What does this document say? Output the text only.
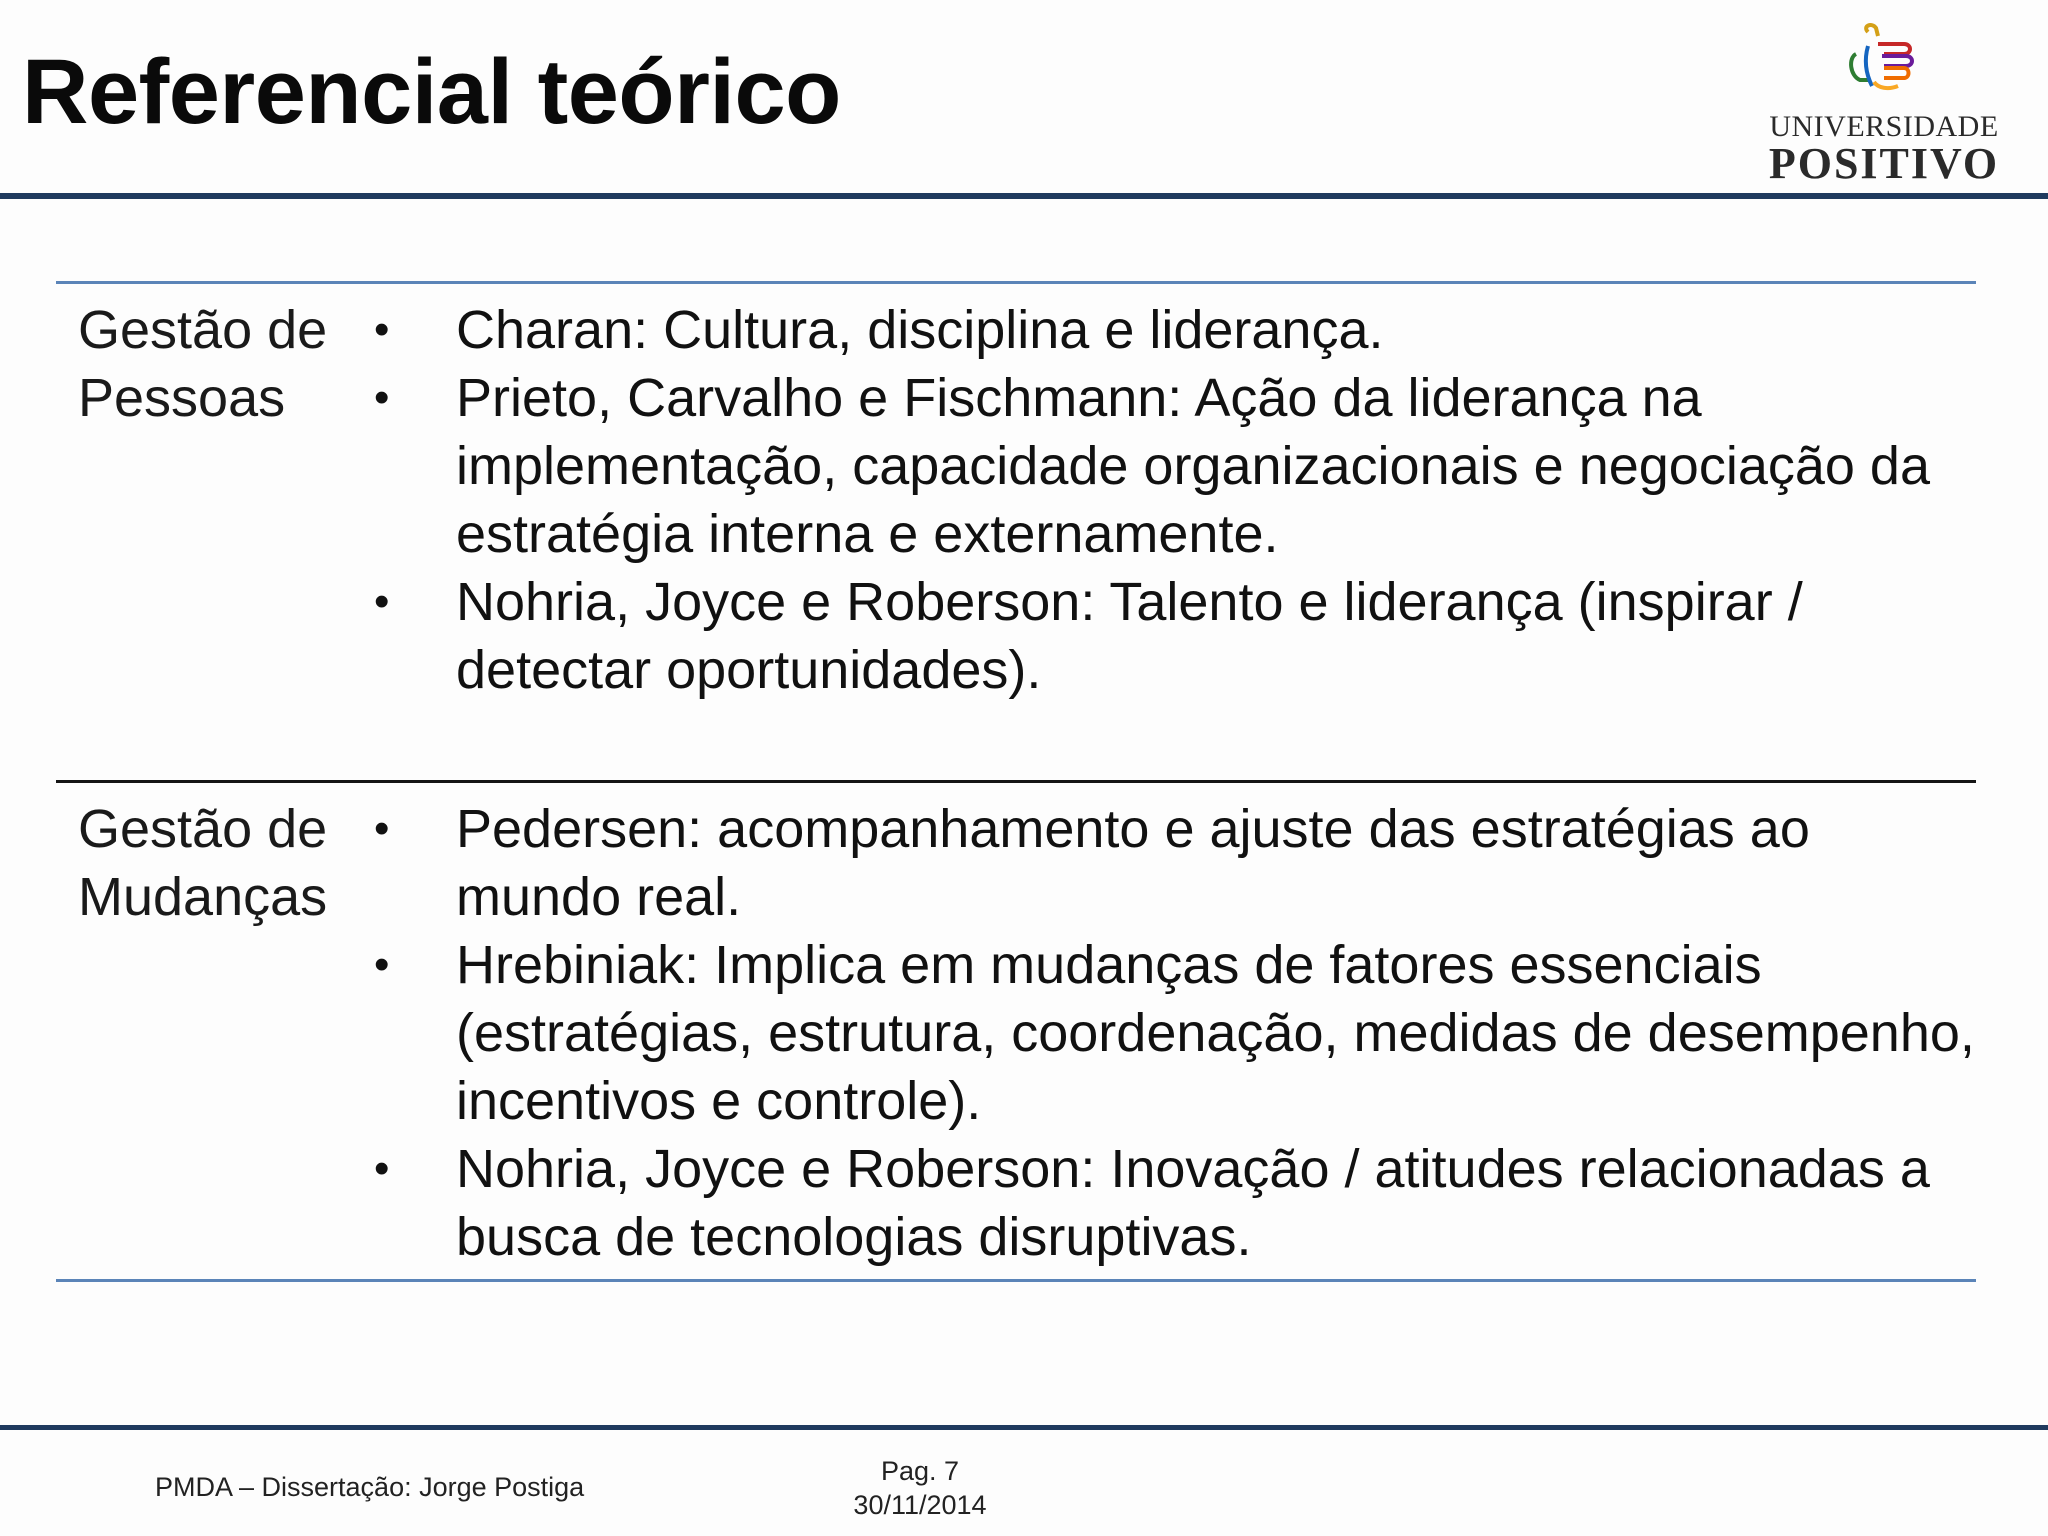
Referencial teórico	UNIVERSIDADE
POSITIVO
Gestão de
Pessoas
• Charan: Cultura, disciplina e liderança.
• Prieto, Carvalho e Fischmann: Ação da liderança na implementação, capacidade organizacionais e negociação da estratégia interna e externamente.
• Nohria, Joyce e Roberson: Talento e liderança (inspirar / detectar oportunidades).
Gestão de
Mudanças
• Pedersen: acompanhamento e ajuste das estratégias ao mundo real.
• Hrebiniak: Implica em mudanças de fatores essenciais (estratégias, estrutura, coordenação, medidas de desempenho, incentivos e controle).
• Nohria, Joyce e Roberson: Inovação / atitudes relacionadas a busca de tecnologias disruptivas.
PMDA – Dissertação: Jorge Postiga
Pag. 7
30/11/2014
